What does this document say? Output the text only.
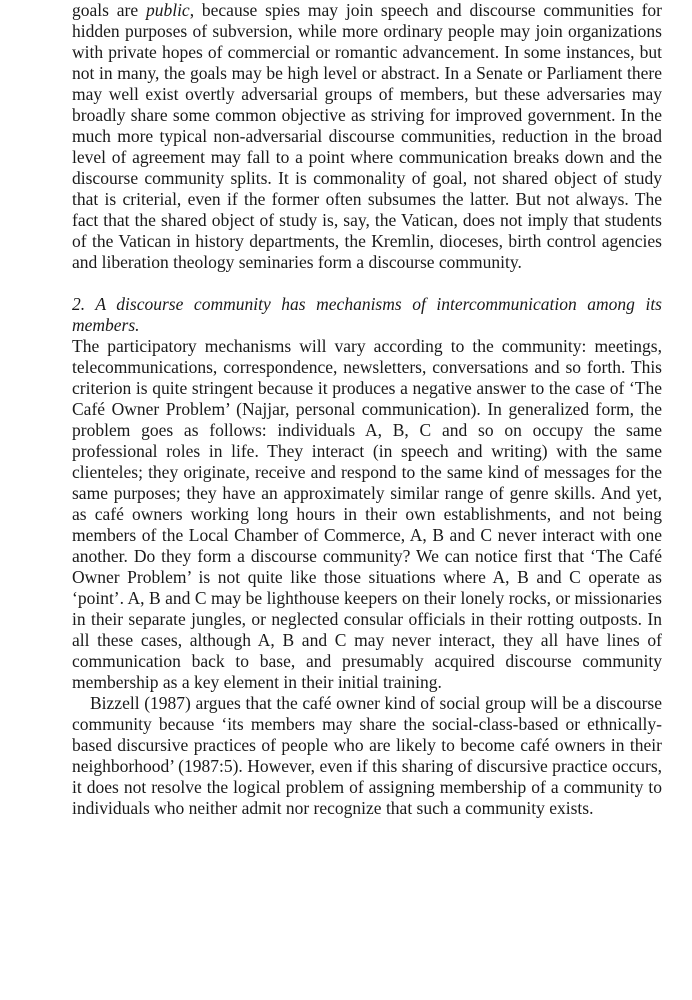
goals are public, because spies may join speech and discourse communities for hidden purposes of subversion, while more ordinary people may join organizations with private hopes of commercial or romantic advancement. In some instances, but not in many, the goals may be high level or abstract. In a Senate or Parliament there may well exist overtly adversarial groups of members, but these adversaries may broadly share some common objective as striving for improved government. In the much more typical non-adversarial discourse communities, reduction in the broad level of agreement may fall to a point where communication breaks down and the discourse community splits. It is commonality of goal, not shared object of study that is criterial, even if the former often subsumes the latter. But not always. The fact that the shared object of study is, say, the Vatican, does not imply that students of the Vatican in history departments, the Kremlin, dioceses, birth control agencies and liberation theology seminaries form a discourse community.

2. A discourse community has mechanisms of intercommunication among its members.

The participatory mechanisms will vary according to the community: meetings, telecommunications, correspondence, newsletters, conversations and so forth. This criterion is quite stringent because it produces a negative answer to the case of ‘The Café Owner Problem’ (Najjar, personal communication). In generalized form, the problem goes as follows: individuals A, B, C and so on occupy the same professional roles in life. They interact (in speech and writing) with the same clienteles; they originate, receive and respond to the same kind of messages for the same purposes; they have an approximately similar range of genre skills. And yet, as café owners working long hours in their own establishments, and not being members of the Local Chamber of Commerce, A, B and C never interact with one another. Do they form a discourse community? We can notice first that ‘The Café Owner Problem’ is not quite like those situations where A, B and C operate as ‘point’. A, B and C may be lighthouse keepers on their lonely rocks, or missionaries in their separate jungles, or neglected consular officials in their rotting outposts. In all these cases, although A, B and C may never interact, they all have lines of communication back to base, and presumably acquired discourse community membership as a key element in their initial training.

Bizzell (1987) argues that the café owner kind of social group will be a discourse community because ‘its members may share the social-class-based or ethnically-based discursive practices of people who are likely to become café owners in their neighborhood’ (1987:5). However, even if this sharing of discursive practice occurs, it does not resolve the logical problem of assigning membership of a community to individuals who neither admit nor recognize that such a community exists.
